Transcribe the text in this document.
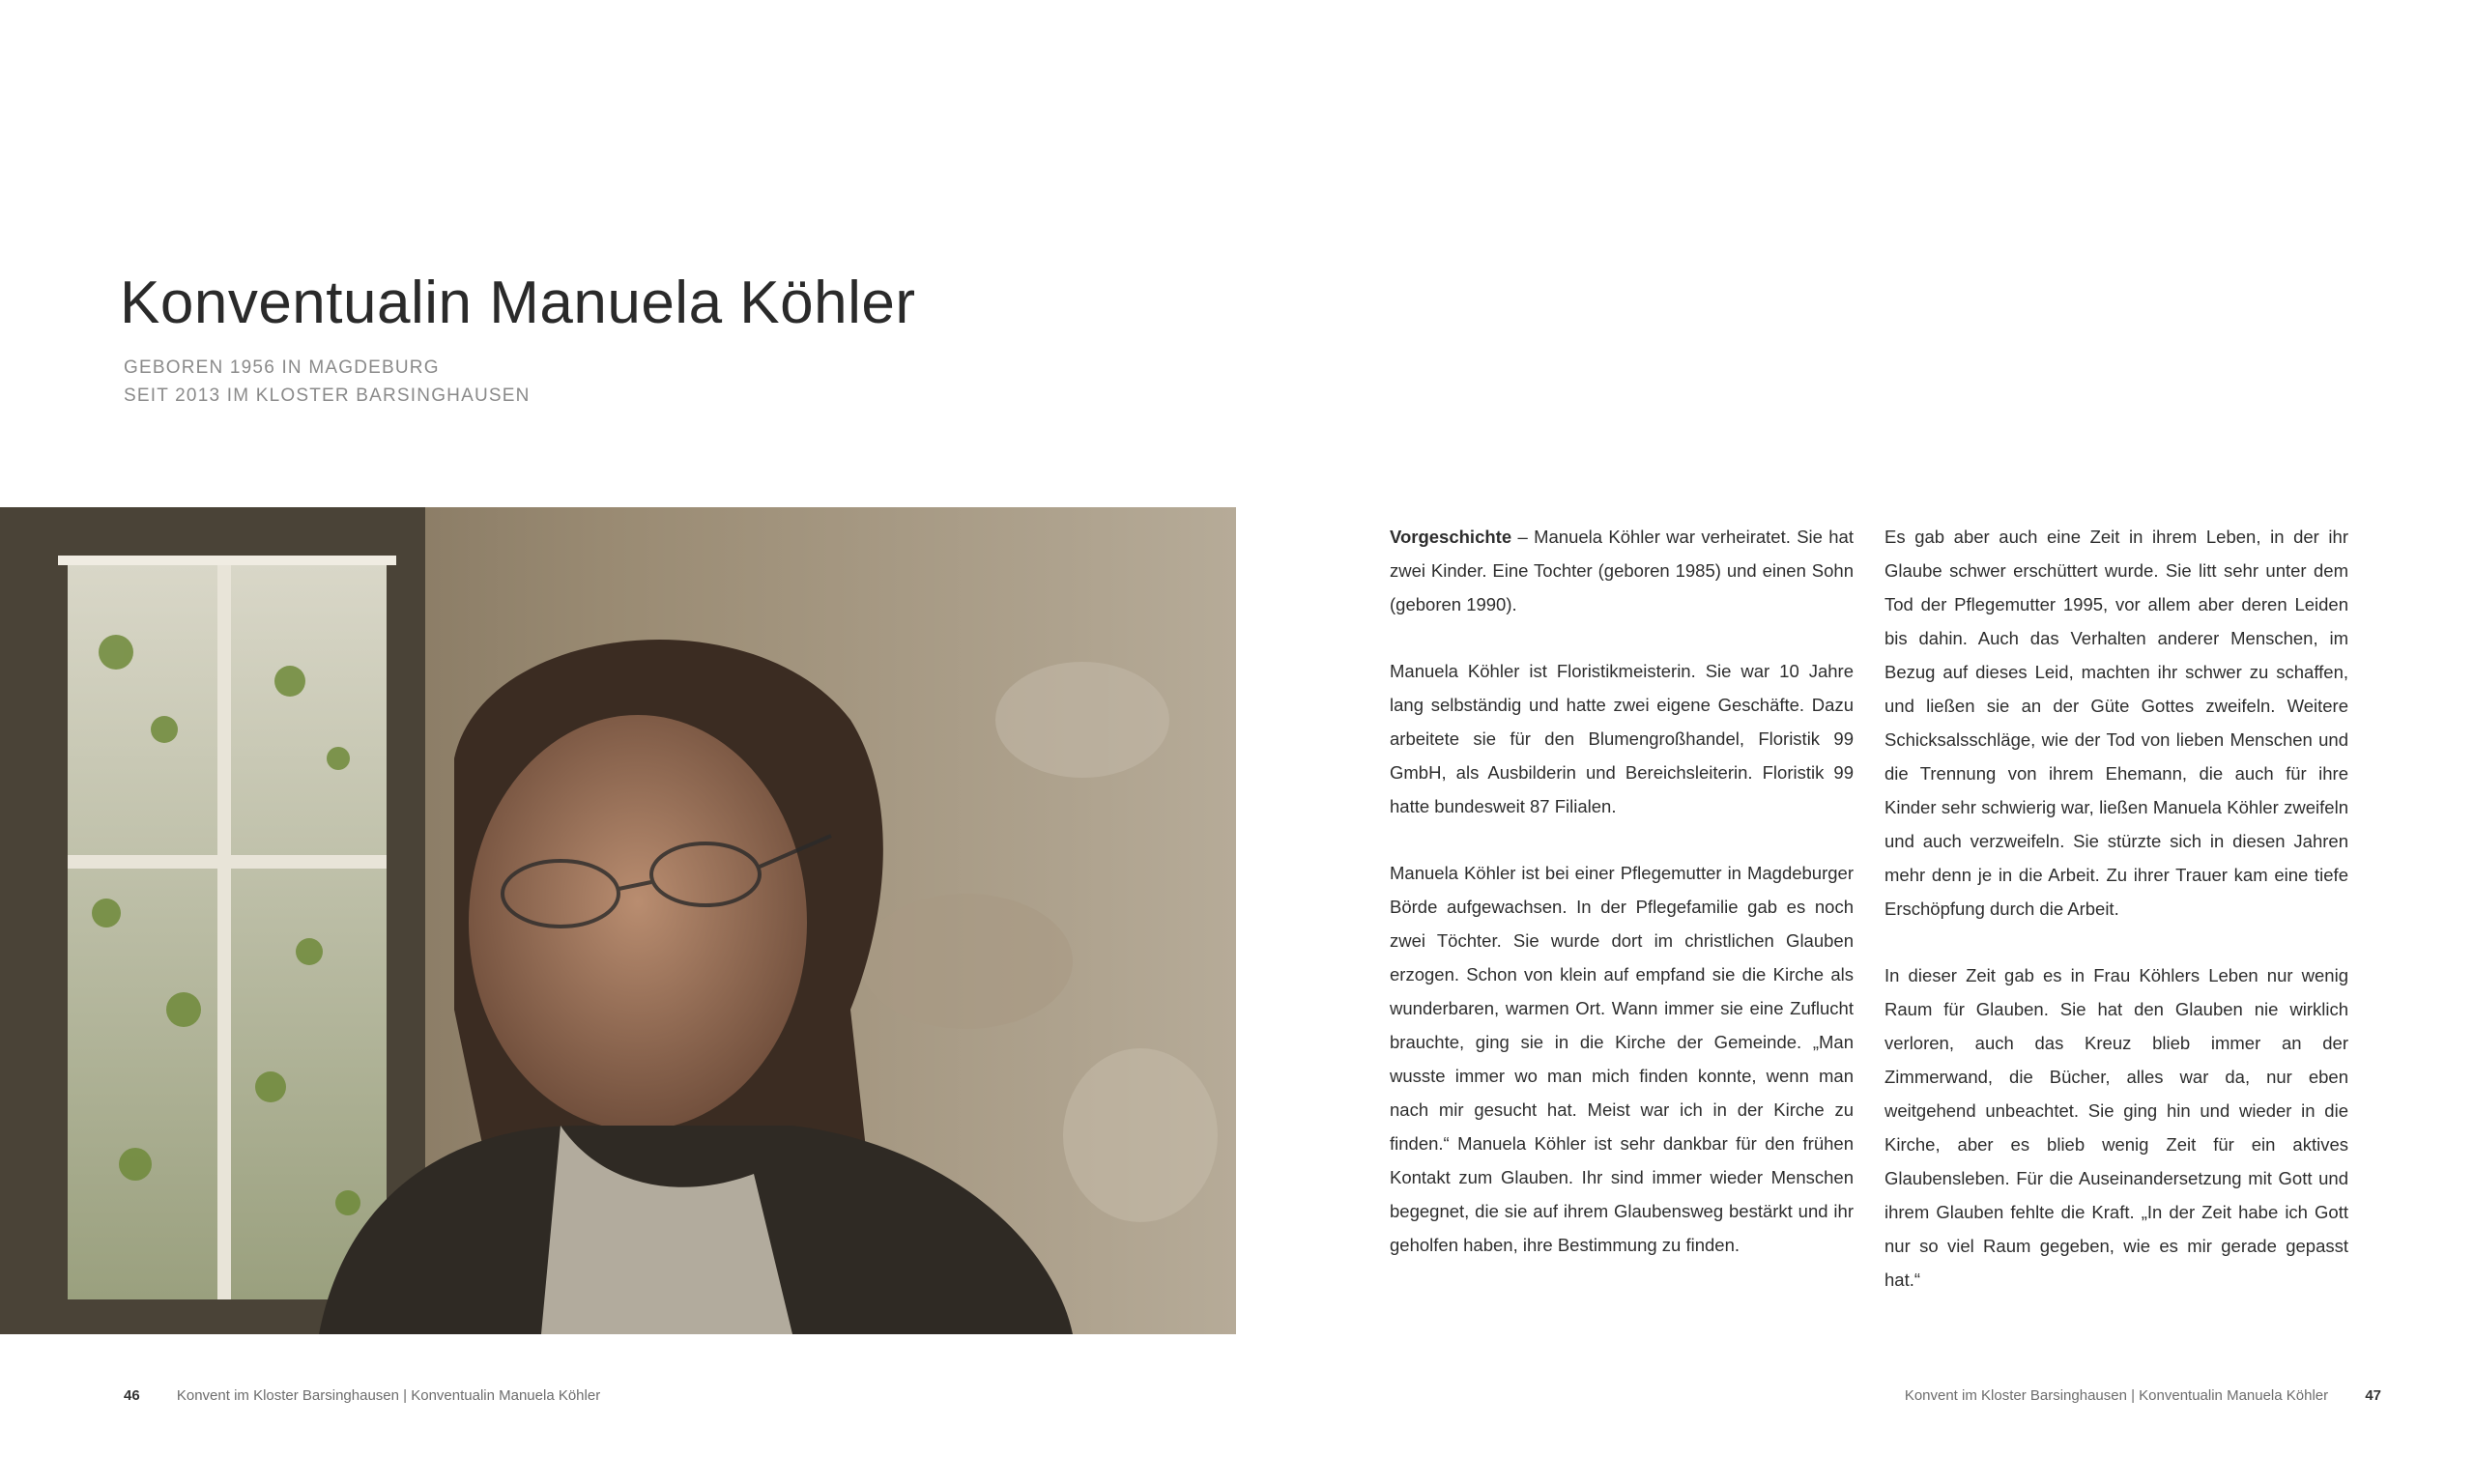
Konventualin Manuela Köhler
GEBOREN 1956 IN MAGDEBURG
SEIT 2013 IM KLOSTER BARSINGHAUSEN
46	Konvent im Kloster Barsinghausen | Konventualin Manuela Köhler

Vorgeschichte – Manuela Köhler war verheiratet. Sie hat zwei Kinder. Eine Tochter (geboren 1985) und einen Sohn (geboren 1990).

Manuela Köhler ist Floristikmeisterin. Sie war 10 Jahre lang selbständig und hatte zwei eigene Geschäfte. Dazu arbeitete sie für den Blumengroßhandel, Floristik 99 GmbH, als Ausbilderin und Bereichsleiterin. Floristik 99 hatte bundesweit 87 Filialen.

Manuela Köhler ist bei einer Pflegemutter in Magdeburger Börde aufgewachsen. In der Pflegefamilie gab es noch zwei Töchter. Sie wurde dort im christlichen Glauben erzogen. Schon von klein auf empfand sie die Kirche als wunderbaren, warmen Ort. Wann immer sie eine Zuflucht brauchte, ging sie in die Kirche der Gemeinde. „Man wusste immer wo man mich finden konnte, wenn man nach mir gesucht hat. Meist war ich in der Kirche zu finden.“ Manuela Köhler ist sehr dankbar für den frühen Kontakt zum Glauben. Ihr sind immer wieder Menschen begegnet, die sie auf ihrem Glaubensweg bestärkt und ihr geholfen haben, ihre Bestimmung zu finden.

Es gab aber auch eine Zeit in ihrem Leben, in der ihr Glaube schwer erschüttert wurde. Sie litt sehr unter dem Tod der Pflegemutter 1995, vor allem aber deren Leiden bis dahin. Auch das Verhalten anderer Menschen, im Bezug auf dieses Leid, machten ihr schwer zu schaffen, und ließen sie an der Güte Gottes zweifeln. Weitere Schicksalsschläge, wie der Tod von lieben Menschen und die Trennung von ihrem Ehemann, die auch für ihre Kinder sehr schwierig war, ließen Manuela Köhler zweifeln und auch verzweifeln. Sie stürzte sich in diesen Jahren mehr denn je in die Arbeit. Zu ihrer Trauer kam eine tiefe Erschöpfung durch die Arbeit.

In dieser Zeit gab es in Frau Köhlers Leben nur wenig Raum für Glauben. Sie hat den Glauben nie wirklich verloren, auch das Kreuz blieb immer an der Zimmerwand, die Bücher, alles war da, nur eben weitgehend unbeachtet. Sie ging hin und wieder in die Kirche, aber es blieb wenig Zeit für ein aktives Glaubensleben. Für die Auseinandersetzung mit Gott und ihrem Glauben fehlte die Kraft. „In der Zeit habe ich Gott nur so viel Raum gegeben, wie es mir gerade gepasst hat.“

Konvent im Kloster Barsinghausen | Konventualin Manuela Köhler	47
